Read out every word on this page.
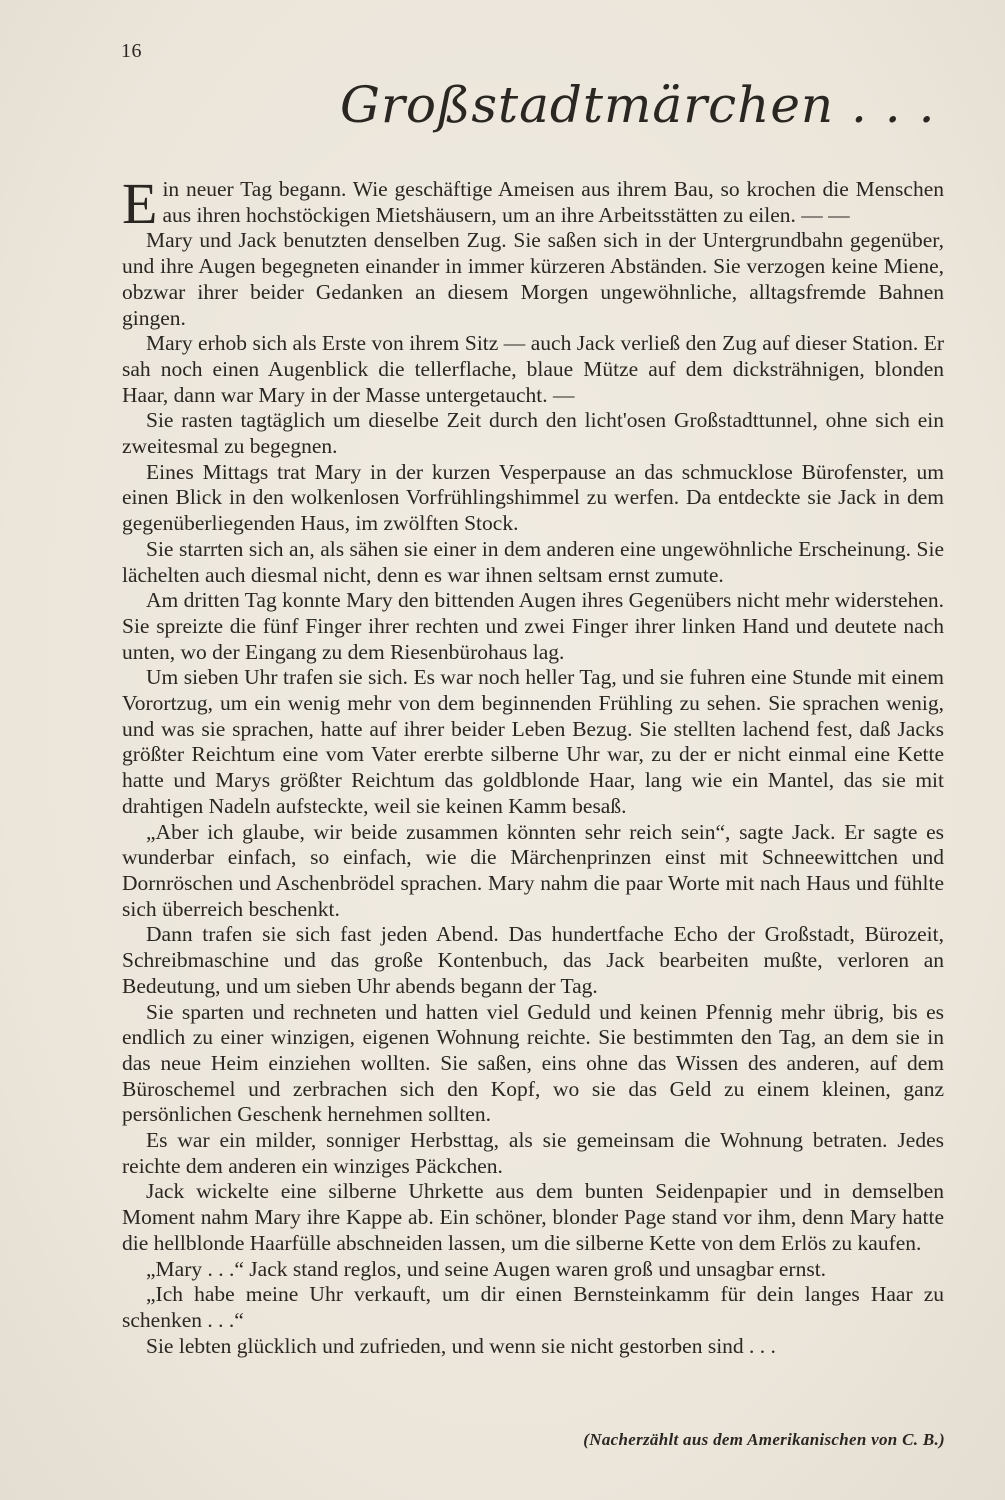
16
Großstadtmärchen . . .

Ein neuer Tag begann. Wie geschäftige Ameisen aus ihrem Bau, so krochen die Menschen aus ihren hochstöckigen Mietshäusern, um an ihre Arbeitsstätten zu eilen. — —

Mary und Jack benutzten denselben Zug. Sie saßen sich in der Untergrundbahn gegenüber, und ihre Augen begegneten einander in immer kürzeren Abständen. Sie verzogen keine Miene, obzwar ihrer beider Gedanken an diesem Morgen ungewöhnliche, alltagsfremde Bahnen gingen.

Mary erhob sich als Erste von ihrem Sitz — auch Jack verließ den Zug auf dieser Station. Er sah noch einen Augenblick die tellerflache, blaue Mütze auf dem dicksträhnigen, blonden Haar, dann war Mary in der Masse untergetaucht. —

Sie rasten tagtäglich um dieselbe Zeit durch den licht'osen Großstadttunnel, ohne sich ein zweitesmal zu begegnen.

Eines Mittags trat Mary in der kurzen Vesperpause an das schmucklose Bürofenster, um einen Blick in den wolkenlosen Vorfrühlingshimmel zu werfen. Da entdeckte sie Jack in dem gegenüberliegenden Haus, im zwölften Stock.

Sie starrten sich an, als sähen sie einer in dem anderen eine ungewöhnliche Erscheinung. Sie lächelten auch diesmal nicht, denn es war ihnen seltsam ernst zumute.

Am dritten Tag konnte Mary den bittenden Augen ihres Gegenübers nicht mehr widerstehen. Sie spreizte die fünf Finger ihrer rechten und zwei Finger ihrer linken Hand und deutete nach unten, wo der Eingang zu dem Riesenbürohaus lag.

Um sieben Uhr trafen sie sich. Es war noch heller Tag, und sie fuhren eine Stunde mit einem Vorortzug, um ein wenig mehr von dem beginnenden Frühling zu sehen. Sie sprachen wenig, und was sie sprachen, hatte auf ihrer beider Leben Bezug. Sie stellten lachend fest, daß Jacks größter Reichtum eine vom Vater ererbte silberne Uhr war, zu der er nicht einmal eine Kette hatte und Marys größter Reichtum das goldblonde Haar, lang wie ein Mantel, das sie mit drahtigen Nadeln aufsteckte, weil sie keinen Kamm besaß.

„Aber ich glaube, wir beide zusammen könnten sehr reich sein“, sagte Jack. Er sagte es wunderbar einfach, so einfach, wie die Märchenprinzen einst mit Schneewittchen und Dornröschen und Aschenbrödel sprachen. Mary nahm die paar Worte mit nach Haus und fühlte sich überreich beschenkt.

Dann trafen sie sich fast jeden Abend. Das hundertfache Echo der Großstadt, Bürozeit, Schreibmaschine und das große Kontenbuch, das Jack bearbeiten mußte, verloren an Bedeutung, und um sieben Uhr abends begann der Tag.

Sie sparten und rechneten und hatten viel Geduld und keinen Pfennig mehr übrig, bis es endlich zu einer winzigen, eigenen Wohnung reichte. Sie bestimmten den Tag, an dem sie in das neue Heim einziehen wollten. Sie saßen, eins ohne das Wissen des anderen, auf dem Büroschemel und zerbrachen sich den Kopf, wo sie das Geld zu einem kleinen, ganz persönlichen Geschenk hernehmen sollten.

Es war ein milder, sonniger Herbsttag, als sie gemeinsam die Wohnung betraten. Jedes reichte dem anderen ein winziges Päckchen.

Jack wickelte eine silberne Uhrkette aus dem bunten Seidenpapier und in demselben Moment nahm Mary ihre Kappe ab. Ein schöner, blonder Page stand vor ihm, denn Mary hatte die hellblonde Haarfülle abschneiden lassen, um die silberne Kette von dem Erlös zu kaufen.

„Mary . . .“ Jack stand reglos, und seine Augen waren groß und unsagbar ernst.

„Ich habe meine Uhr verkauft, um dir einen Bernsteinkamm für dein langes Haar zu schenken . . .“

Sie lebten glücklich und zufrieden, und wenn sie nicht gestorben sind . . .

(Nacherzählt aus dem Amerikanischen von C. B.)
